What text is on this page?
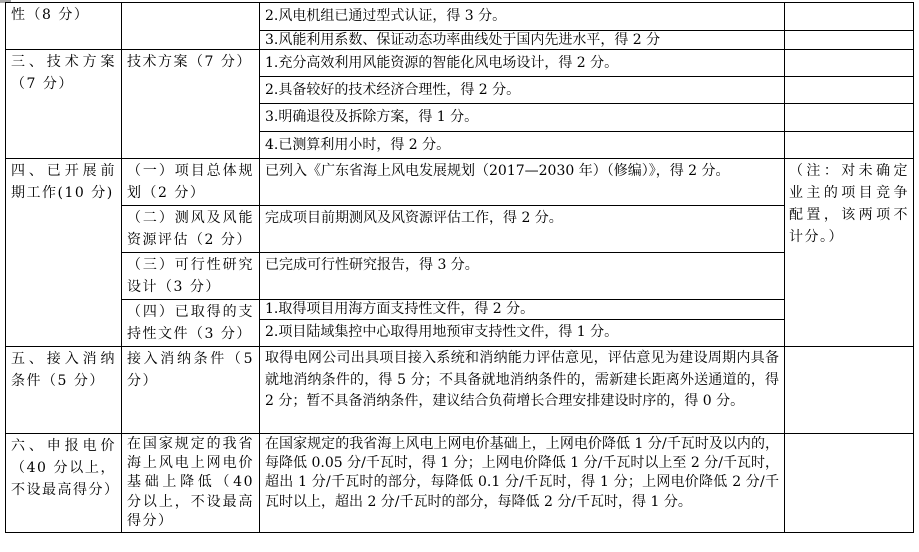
性（8 分）		2.风电机组已通过型式认证，得 3 分。	
		3.风能利用系数、保证动态功率曲线处于国内先进水平，得 2 分	
三、技术方案（7 分）	技术方案（7 分）	1.充分高效利用风能资源的智能化风电场设计，得 2 分。	
		2.具备较好的技术经济合理性，得 2 分。	
		3.明确退役及拆除方案，得 1 分。	
		4.已测算利用小时，得 2 分。	
四、已开展前期工作(10 分)	（一）项目总体规划（2 分）	已列入《广东省海上风电发展规划（2017—2030 年）（修编）》，得 2 分。	（注：对未确定业主的项目竞争配置，该两项不计分。）
	（二）测风及风能资源评估（2 分）	完成项目前期测风及风资源评估工作，得 2 分。	
	（三）可行性研究设计（3 分）	已完成可行性研究报告，得 3 分。	
	（四）已取得的支持性文件（3 分）	1.取得项目用海方面支持性文件，得 2 分。	
		2.项目陆域集控中心取得用地预审支持性文件，得 1 分。	
五、接入消纳条件（5 分）	接入消纳条件（5 分）	取得电网公司出具项目接入系统和消纳能力评估意见，评估意见为建设周期内具备就地消纳条件的，得 5 分；不具备就地消纳条件的，需新建长距离外送通道的，得 2 分；暂不具备消纳条件，建议结合负荷增长合理安排建设时序的，得 0 分。	
六、申报电价（40 分以上，不设最高得分）	在国家规定的我省海上风电上网电价基础上降低（40 分以上，不设最高得分）	在国家规定的我省海上风电上网电价基础上，上网电价降低 1 分/千瓦时及以内的，每降低 0.05 分/千瓦时，得 1 分；上网电价降低 1 分/千瓦时以上至 2 分/千瓦时，超出 1 分/千瓦时的部分，每降低 0.1 分/千瓦时，得 1 分；上网电价降低 2 分/千瓦时以上，超出 2 分/千瓦时的部分，每降低 2 分/千瓦时，得 1 分。	
